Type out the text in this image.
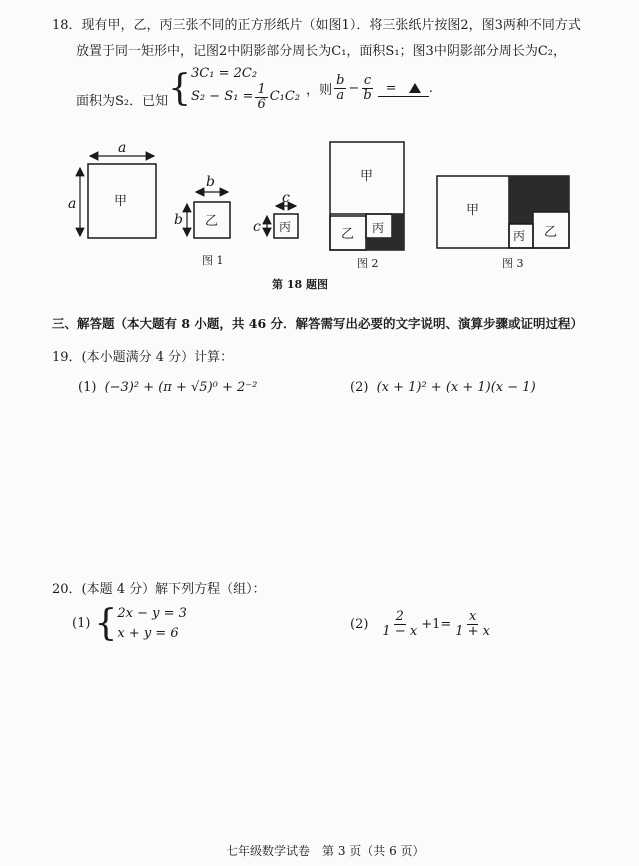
18．现有甲，乙，丙三张不同的正方形纸片（如图1）．将三张纸片按图2，图3两种不同方式
放置于同一矩形中，记图2中阴影部分周长为C₁，面积S₁；图3中阴影部分周长为C₂，
面积为S₂．已知 { 3C₁ = 2C₂
$S_2 - S_1 = \frac{1}{6} C_1C_2$ ，则 $\frac{b}{a} - \frac{c}{b}$ =	.
a
a	甲
b
b 乙
c
c 丙
图 1
甲
乙 丙
图 2
甲
丙 乙
图 3
第 18 题图
三、解答题（本大题有 8 小题，共 46 分．解答需写出必要的文字说明、演算步骤或证明过程）
19．(本小题满分 4 分）计算：
(1) (−3)² + (π + √5)⁰ + 2⁻²	(2) (x + 1)² + (x + 1)(x − 1)
20．(本题 4 分）解下列方程（组）：
(1) { 2x − y = 3
x + y = 6
$(2) \frac{2}{1 - x} +1= \frac{x}{1 + x}$
七年级数学试卷　第 3 页（共 6 页）
